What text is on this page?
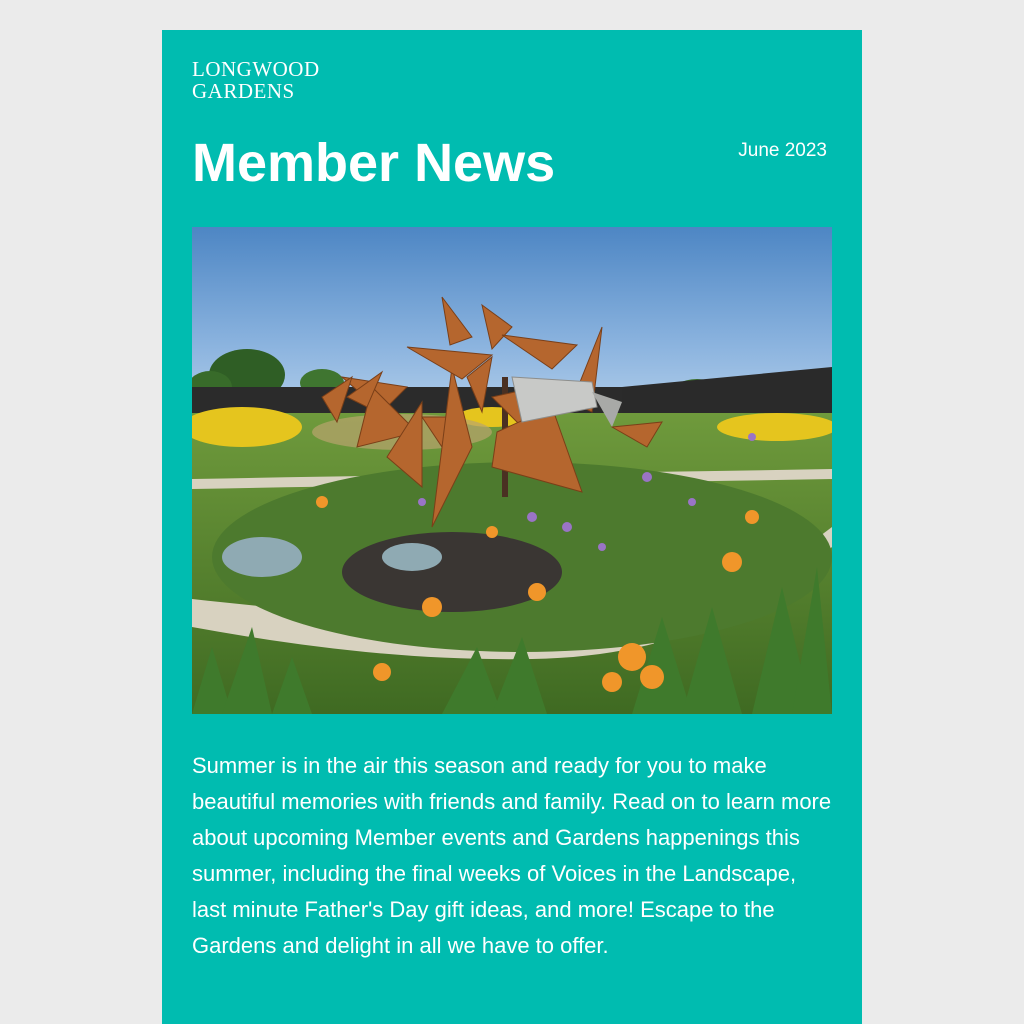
LONGWOOD
GARDENS
Member News	June 2023

Summer is in the air this season and ready for you to make beautiful memories with friends and family. Read on to learn more about upcoming Member events and Gardens happenings this summer, including the final weeks of Voices in the Landscape, last minute Father's Day gift ideas, and more! Escape to the Gardens and delight in all we have to offer.
